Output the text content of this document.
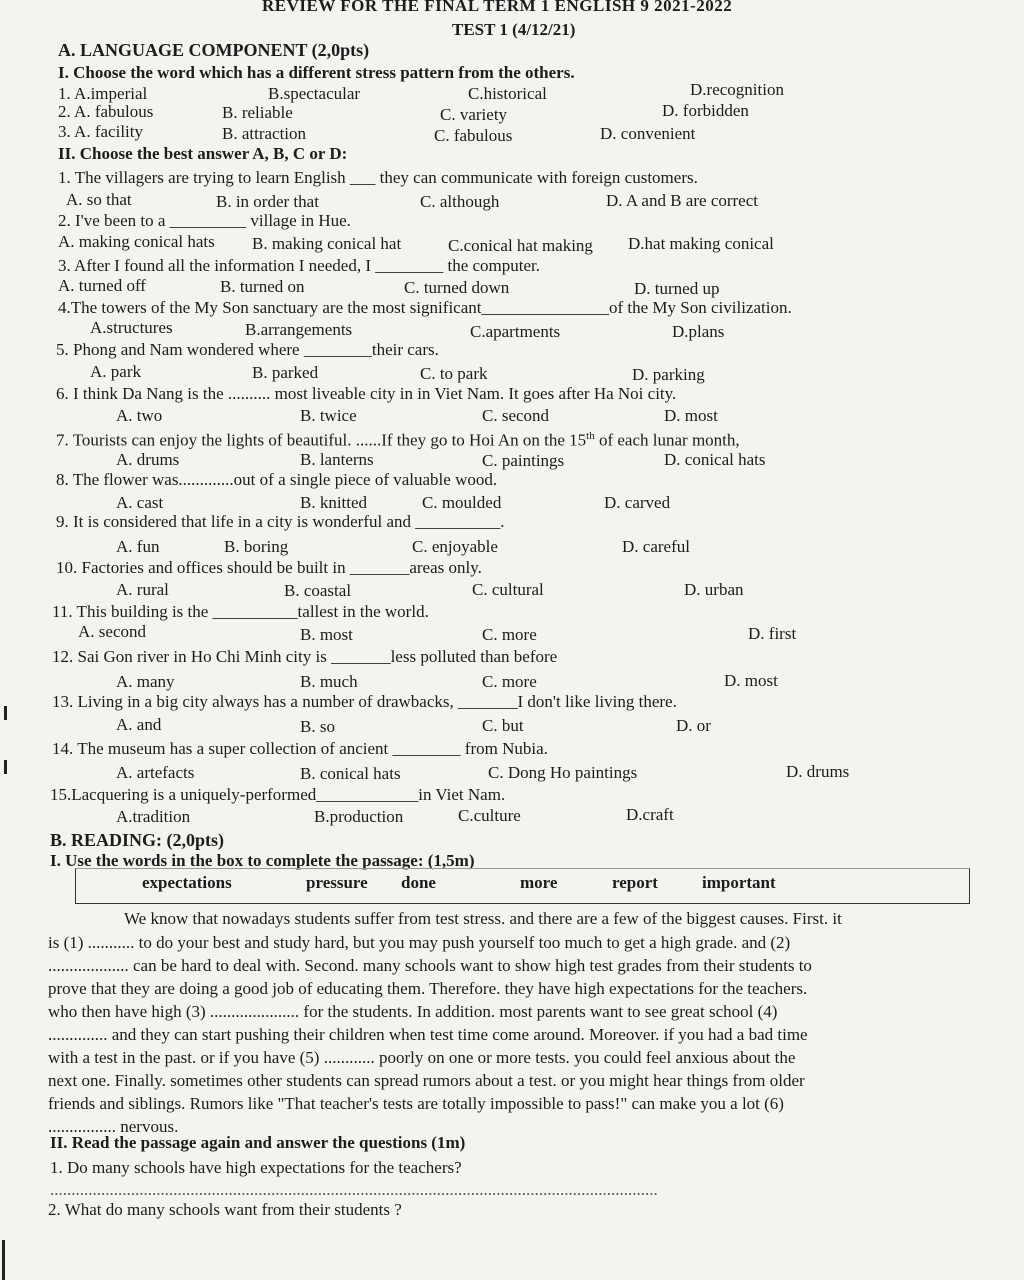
REVIEW FOR THE FINAL TERM 1 ENGLISH 9 2021-2022
TEST 1 (4/12/21)
A. LANGUAGE COMPONENT (2,0pts)
I. Choose the word which has a different stress pattern from the others.
1. A.imperial	B.spectacular	C.historical	D.recognition
2. A. fabulous	B. reliable	C. variety	D. forbidden
3. A. facility	B. attraction	C. fabulous	D. convenient
II. Choose the best answer A, B, C or D:
1. The villagers are trying to learn English ___ they can communicate with foreign customers.
A. so that	B. in order that	C. although	D. A and B are correct
2. I've been to a _________ village in Hue.
A. making conical hats B. making conical hat	C.conical hat making D.hat making conical
3. After I found all the information I needed, I ________ the computer.
A. turned off	B. turned on	C. turned down	D. turned up
4.The towers of the My Son sanctuary are the most significant_______________of the My Son civilization.
A.structures	B.arrangements	C.apartments	D.plans
5. Phong and Nam wondered where ________their cars.
A. park	B. parked	C. to park	D. parking
6. I think Da Nang is the .......... most liveable city in in Viet Nam. It goes after Ha Noi city.
A. two	B. twice	C. second	D. most
7. Tourists can enjoy the lights of beautiful. ......If they go to Hoi An on the 15th of each lunar month,
A. drums	B. lanterns	C. paintings	D. conical hats
8. The flower was.............out of a single piece of valuable wood.
A. cast	B. knitted	C. moulded	D. carved
9. It is considered that life in a city is wonderful and __________.
A. fun	B. boring	C. enjoyable	D. careful
10. Factories and offices should be built in _______areas only.
A. rural	B. coastal	C. cultural	D. urban
11. This building is the __________tallest in the world.
A. second	B. most	C. more	D. first
12. Sai Gon river in Ho Chi Minh city is _______less polluted than before
A. many	B. much	C. more	D. most
13. Living in a big city always has a number of drawbacks, _______I don't like living there.
A. and	B. so	C. but	D. or
14. The museum has a super collection of ancient ________ from Nubia.
A. artefacts	B. conical hats	C. Dong Ho paintings	D. drums
15.Lacquering is a uniquely-performed____________in Viet Nam.
A.tradition	B.production	C.culture	D.craft
B. READING: (2,0pts)
I. Use the words in the box to complete the passage: (1,5m)
expectations	pressure done	more	report	important
We know that nowadays students suffer from test stress. and there are a few of the biggest causes. First. it
is (1) ........... to do your best and study hard, but you may push yourself too much to get a high grade. and (2)
................... can be hard to deal with. Second. many schools want to show high test grades from their students to
prove that they are doing a good job of educating them. Therefore. they have high expectations for the teachers.
who then have high (3) ..................... for the students. In addition. most parents want to see great school (4)
.............. and they can start pushing their children when test time come around. Moreover. if you had a bad time
with a test in the past. or if you have (5) ............ poorly on one or more tests. you could feel anxious about the
next one. Finally. sometimes other students can spread rumors about a test. or you might hear things from older
friends and siblings. Rumors like "That teacher's tests are totally impossible to pass!" can make you a lot (6)
................ nervous.
II. Read the passage again and answer the questions (1m)
1. Do many schools have high expectations for the teachers?
...............................................................................................................................................
2. What do many schools want from their students ?
